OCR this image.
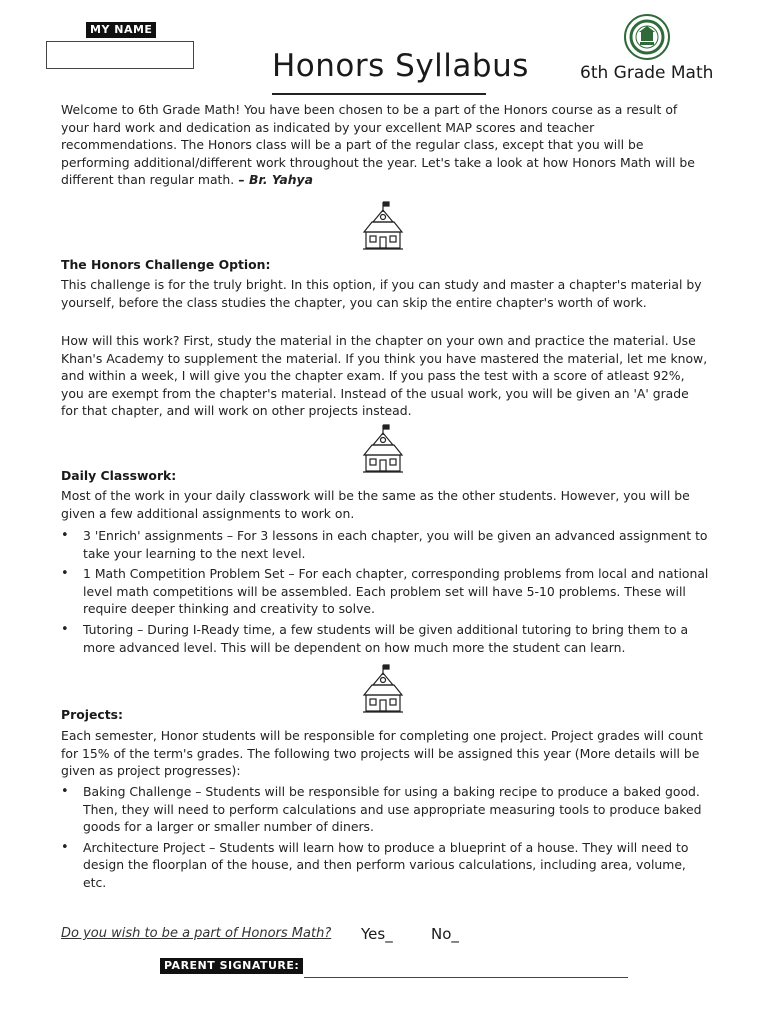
MY NAME
Honors Syllabus	6th Grade Math
Welcome to 6th Grade Math! You have been chosen to be a part of the Honors course as a result of your hard work and dedication as indicated by your excellent MAP scores and teacher recommendations. The Honors class will be a part of the regular class, except that you will be performing additional/different work throughout the year. Let's take a look at how Honors Math will be different than regular math. – Br. Yahya
The Honors Challenge Option:
This challenge is for the truly bright. In this option, if you can study and master a chapter's material by yourself, before the class studies the chapter, you can skip the entire chapter's worth of work.
How will this work? First, study the material in the chapter on your own and practice the material. Use Khan's Academy to supplement the material. If you think you have mastered the material, let me know, and within a week, I will give you the chapter exam. If you pass the test with a score of atleast 92%, you are exempt from the chapter's material. Instead of the usual work, you will be given an 'A' grade for that chapter, and will work on other projects instead.
Daily Classwork:
Most of the work in your daily classwork will be the same as the other students. However, you will be given a few additional assignments to work on.
• 3 'Enrich' assignments – For 3 lessons in each chapter, you will be given an advanced assignment to take your learning to the next level.
• 1 Math Competition Problem Set – For each chapter, corresponding problems from local and national level math competitions will be assembled. Each problem set will have 5-10 problems. These will require deeper thinking and creativity to solve.
• Tutoring – During I-Ready time, a few students will be given additional tutoring to bring them to a more advanced level. This will be dependent on how much more the student can learn.
Projects:
Each semester, Honor students will be responsible for completing one project. Project grades will count for 15% of the term's grades. The following two projects will be assigned this year (More details will be given as project progresses):
• Baking Challenge – Students will be responsible for using a baking recipe to produce a baked good. Then, they will need to perform calculations and use appropriate measuring tools to produce baked goods for a larger or smaller number of diners.
• Architecture Project – Students will learn how to produce a blueprint of a house. They will need to design the floorplan of the house, and then perform various calculations, including area, volume, etc.
Do you wish to be a part of Honors Math? Yes_	No_
PARENT SIGNATURE:
